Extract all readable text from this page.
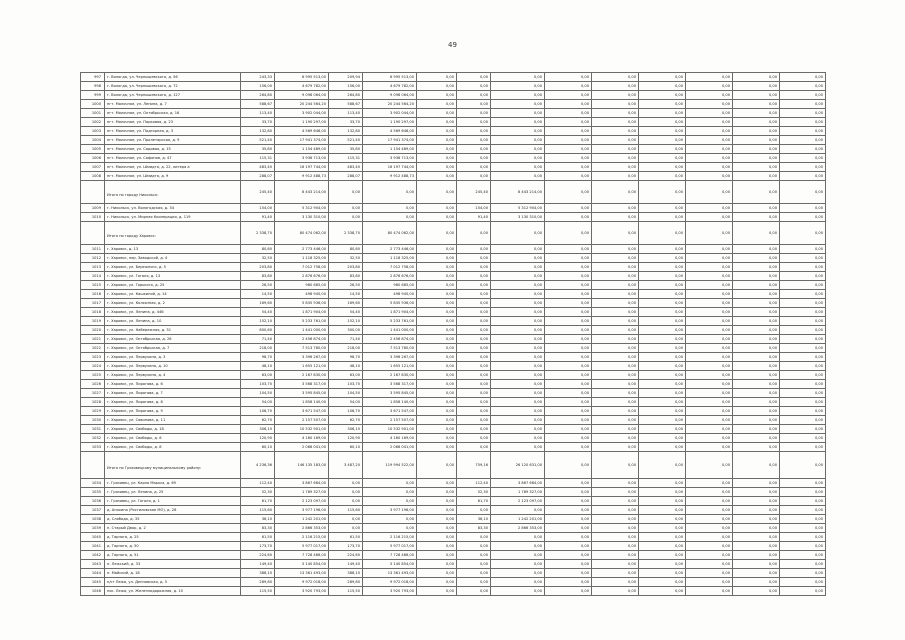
49
997	г. Вологда, ул. Чернышевского, д. 56	243,33	6 995 513,00	209,94	6 995 513,00	0,00	0,00	0,00	0,00	0,00	0,00	0,00	0,00	0,00
998	г. Вологда, ул. Чернышевского, д. 72	156,00	4 679 782,00	156,00	4 679 782,00	0,00	0,00	0,00	0,00	0,00	0,00	0,00	0,00	0,00
999	г. Вологда, ул. Чернышевского, д. 127	264,80	9 098 064,00	264,80	9 098 064,00	0,00	0,00	0,00	0,00	0,00	0,00	0,00	0,00	0,00
1000	пгт. Молочное, ул. Ленина, д. 7	588,67	20 244 564,20	588,67	20 244 564,20	0,00	0,00	0,00	0,00	0,00	0,00	0,00	0,00	0,00
1001	пгт. Молочное, ул. Октябрьская, д. 16	113,40	3 902 044,00	113,40	3 902 044,00	0,00	0,00	0,00	0,00	0,00	0,00	0,00	0,00	0,00
1002	пгт. Молочное, ул. Парковая, д. 23	33,70	1 190 297,00	33,70	1 190 297,00	0,00	0,00	0,00	0,00	0,00	0,00	0,00	0,00	0,00
1003	пгт. Молочное, ул. Подгорная, д. 3	132,80	4 569 648,00	132,80	4 569 648,00	0,00	0,00	0,00	0,00	0,00	0,00	0,00	0,00	0,00
1004	пгт. Молочное, ул. Пролетарская, д. 9	521,40	17 941 374,00	521,40	17 941 374,00	0,00	0,00	0,00	0,00	0,00	0,00	0,00	0,00	0,00
1005	пгт. Молочное, ул. Садовая, д. 15	35,80	1 154 489,00	35,80	1 154 489,00	0,00	0,00	0,00	0,00	0,00	0,00	0,00	0,00	0,00
1006	пгт. Молочное, ул. Сафонов, д. 47	115,31	3 936 713,00	115,31	3 936 713,00	0,00	0,00	0,00	0,00	0,00	0,00	0,00	0,00	0,00
1007	пгт. Молочное, ул. Шмидта, д. 22, литера а	483,40	16 197 744,00	483,40	16 197 744,00	0,00	0,00	0,00	0,00	0,00	0,00	0,00	0,00	0,00
1008	пгт. Молочное, ул. Шмидта, д. 9	288,07	9 912 488,73	288,07	9 912 488,73	0,00	0,00	0,00	0,00	0,00	0,00	0,00	0,00	0,00
	Итого по городу Никольск:	245,40	8 443 214,00	0,00	0,00	0,00	245,40	8 443 214,00	0,00	0,00	0,00	0,00	0,00	0,00
1009	г. Никольск, ул. Вологодская, д. 34	154,00	5 312 904,00	0,00	0,00	0,00	154,00	5 312 904,00	0,00	0,00	0,00	0,00	0,00	0,00
1010	г. Никольск, ул. Мирная Кооперация, д. 119	91,40	3 130 310,00	0,00	0,00	0,00	91,40	3 130 310,00	0,00	0,00	0,00	0,00	0,00	0,00
	Итого по городу Харовск:	2 338,70	80 474 062,00	2 338,70	80 474 062,00	0,00	0,00	0,00	0,00	0,00	0,00	0,00	0,00	0,00
1011	г. Харовск, д. 13	80,60	2 773 446,00	80,60	2 773 446,00	0,00	0,00	0,00	0,00	0,00	0,00	0,00	0,00	0,00
1012	г. Харовск, пер. Заводской, д. 4	32,50	1 118 325,00	32,50	1 118 325,00	0,00	0,00	0,00	0,00	0,00	0,00	0,00	0,00	0,00
1013	г. Харовск, ул. Бережного, д. 5	203,80	7 012 758,00	203,80	7 012 758,00	0,00	0,00	0,00	0,00	0,00	0,00	0,00	0,00	0,00
1014	г. Харовск, ул. Гоголя, д. 13	83,80	2 876 676,00	83,80	2 876 676,00	0,00	0,00	0,00	0,00	0,00	0,00	0,00	0,00	0,00
1015	г. Харовск, ул. Горького, д. 25	28,50	980 685,00	28,50	980 685,00	0,00	0,00	0,00	0,00	0,00	0,00	0,00	0,00	0,00
1016	г. Харовск, ул. Кашкиной, д. 14	14,50	498 945,00	14,50	498 945,00	0,00	0,00	0,00	0,00	0,00	0,00	0,00	0,00	0,00
1017	г. Харовск, ул. Колхозная, д. 2	169,60	5 835 936,00	169,60	5 835 936,00	0,00	0,00	0,00	0,00	0,00	0,00	0,00	0,00	0,00
1018	г. Харовск, ул. Ленина, д. 44б	54,40	1 871 904,00	54,40	1 871 904,00	0,00	0,00	0,00	0,00	0,00	0,00	0,00	0,00	0,00
1019	г. Харовск, ул. Ленина, д. 10	152,10	5 233 761,00	152,10	5 233 761,00	0,00	0,00	0,00	0,00	0,00	0,00	0,00	0,00	0,00
1020	г. Харовск, ул. Набережная, д. 31	800,60	1 441 000,00	300,00	1 441 000,00	0,00	0,00	0,00	0,00	0,00	0,00	0,00	0,00	0,00
1021	г. Харовск, ул. Октябрьская, д. 26	71,40	2 456 874,00	71,40	2 456 874,00	0,00	0,00	0,00	0,00	0,00	0,00	0,00	0,00	0,00
1022	г. Харовск, ул. Октябрьская, д. 7	218,00	7 513 780,00	218,00	7 513 780,00	0,00	0,00	0,00	0,00	0,00	0,00	0,00	0,00	0,00
1023	г. Харовск, ул. Первухина, д. 3	98,70	3 396 267,00	98,70	3 396 267,00	0,00	0,00	0,00	0,00	0,00	0,00	0,00	0,00	0,00
1024	г. Харовск, ул. Первухина, д. 10	48,10	1 655 121,00	48,10	1 655 121,00	0,00	0,00	0,00	0,00	0,00	0,00	0,00	0,00	0,00
1025	г. Харовск, ул. Первухина, д. 4	63,00	2 167 830,00	63,00	2 167 830,00	0,00	0,00	0,00	0,00	0,00	0,00	0,00	0,00	0,00
1026	г. Харовск, ул. Пирогова, д. 6	103,70	3 568 317,00	103,70	3 568 317,00	0,00	0,00	0,00	0,00	0,00	0,00	0,00	0,00	0,00
1027	г. Харовск, ул. Пирогова, д. 7	104,50	3 595 845,00	104,50	3 595 845,00	0,00	0,00	0,00	0,00	0,00	0,00	0,00	0,00	0,00
1028	г. Харовск, ул. Пирогова, д. 8	54,00	1 858 140,00	54,00	1 858 140,00	0,00	0,00	0,00	0,00	0,00	0,00	0,00	0,00	0,00
1029	г. Харовск, ул. Пирогова, д. 9	106,70	3 671 547,00	106,70	3 671 547,00	0,00	0,00	0,00	0,00	0,00	0,00	0,00	0,00	0,00
1030	г. Харовск, ул. Савинова, д. 11	62,70	2 157 507,00	62,70	2 157 507,00	0,00	0,00	0,00	0,00	0,00	0,00	0,00	0,00	0,00
1031	г. Харовск, ул. Свободы, д. 18	306,10	10 532 901,00	306,10	10 532 901,00	0,00	0,00	0,00	0,00	0,00	0,00	0,00	0,00	0,00
1032	г. Харовск, ул. Свободы, д. 6	120,90	4 160 169,00	120,90	4 160 169,00	0,00	0,00	0,00	0,00	0,00	0,00	0,00	0,00	0,00
1033	г. Харовск, ул. Свободы, д. 8	60,10	2 068 041,00	60,10	2 068 041,00	0,00	0,00	0,00	0,00	0,00	0,00	0,00	0,00	0,00
	Итого по Грязовецкому муниципальному району:	4 236,36	146 135 183,00	3 487,20	119 994 522,00	0,00	759,16	26 120 631,00	0,00	0,00	0,00	0,00	0,00	0,00
1034	г. Грязовец, ул. Карла Маркса, д. 69	112,40	3 867 684,00	0,00	0,00	0,00	112,40	3 867 684,00	0,00	0,00	0,00	0,00	0,00	0,00
1035	г. Грязовец, ул. Ленина, д. 25	52,30	1 789 327,00	0,00	0,00	0,00	52,30	1 789 327,00	0,00	0,00	0,00	0,00	0,00	0,00
1036	г. Грязовец, ул. Гоголя, д. 1	61,70	2 123 097,00	0,00	0,00	0,00	61,70	2 123 097,00	0,00	0,00	0,00	0,00	0,00	0,00
1037	д. Анохино (Ростиловское МО), д. 28	115,60	3 977 196,00	115,60	3 977 196,00	0,00	0,00	0,00	0,00	0,00	0,00	0,00	0,00	0,00
1038	д. Слобода, д. 35	36,10	1 242 201,00	0,00	0,00	0,00	36,10	1 242 201,00	0,00	0,00	0,00	0,00	0,00	0,00
1039	п. Старый Двор, д. 2	83,30	2 866 353,00	0,00	0,00	0,00	83,30	2 866 353,00	0,00	0,00	0,00	0,00	0,00	0,00
1040	д. Тарнога, д. 25	61,50	2 116 215,00	61,50	2 116 215,00	0,00	0,00	0,00	0,00	0,00	0,00	0,00	0,00	0,00
1041	д. Тарнога, д. 50	173,70	5 977 017,00	173,70	5 977 017,00	0,00	0,00	0,00	0,00	0,00	0,00	0,00	0,00	0,00
1042	д. Тарнога, д. 51	224,60	7 728 486,00	224,60	7 728 486,00	0,00	0,00	0,00	0,00	0,00	0,00	0,00	0,00	0,00
1043	п. Лежский, д. 33	149,40	5 140 854,00	149,40	5 140 854,00	0,00	0,00	0,00	0,00	0,00	0,00	0,00	0,00	0,00
1044	п. Майский, д. 18	388,10	13 361 493,00	388,10	13 361 493,00	0,00	0,00	0,00	0,00	0,00	0,00	0,00	0,00	0,00
1045	п/ст Лежа, ул. Депповская, д. 5	289,80	9 972 018,00	289,80	9 972 018,00	0,00	0,00	0,00	0,00	0,00	0,00	0,00	0,00	0,00
1046	пос. Лежа, ул. Железнодорожная, д. 10	115,50	3 920 793,00	115,50	3 920 793,00	0,00	0,00	0,00	0,00	0,00	0,00	0,00	0,00	0,00
